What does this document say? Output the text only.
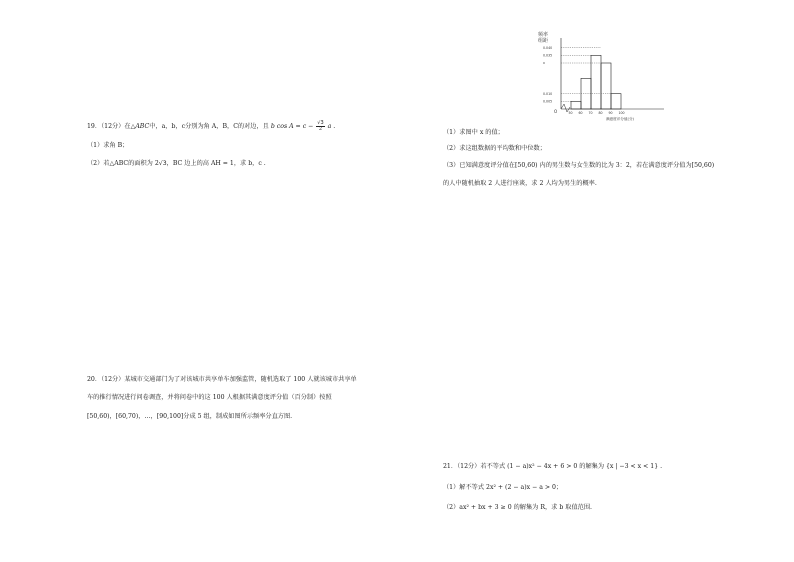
19．（12分）在△ABC中，a，b，c分别为角 A，B，C的对边，且 b $\cos A = c - \frac{√3}{2}$ a .
（1）求角 B；
（2）若△ABC的面积为 2√3，BC 边上的高 AH = 1，求 b，c .
20．（12分）某城市交通部门为了对该城市共享单车加强监管，随机选取了 100 人就该城市共享单
车的推行情况进行问卷调查，并将问卷中的这 100 人根据其满意度评分值（百分制）按照
[50,60)，[60,70)，…，[90,100]分成 5 组，制成如图所示频率分直方图.
频率
组距
O
0.040
0.035
x
0.010
0.005
50 60 70 80 90 100
满意度评分值(分)
（1）求图中 x 的值；
（2）求这组数据的平均数和中位数；
（3）已知满意度评分值在[50,60) 内的男生数与女生数的比为 3：2，若在满意度评分值为[50,60)
的人中随机抽取 2 人进行座谈，求 2 人均为男生的概率.
21．（12分）若不等式 (1 − a)x² − 4x + 6 > 0 的解集为 {x | −3 < x < 1} .
（1）解不等式 2x² + (2 − a)x − a > 0；
（2）ax² + bx + 3 ≥ 0 的解集为 R，求 b 取值范围.
